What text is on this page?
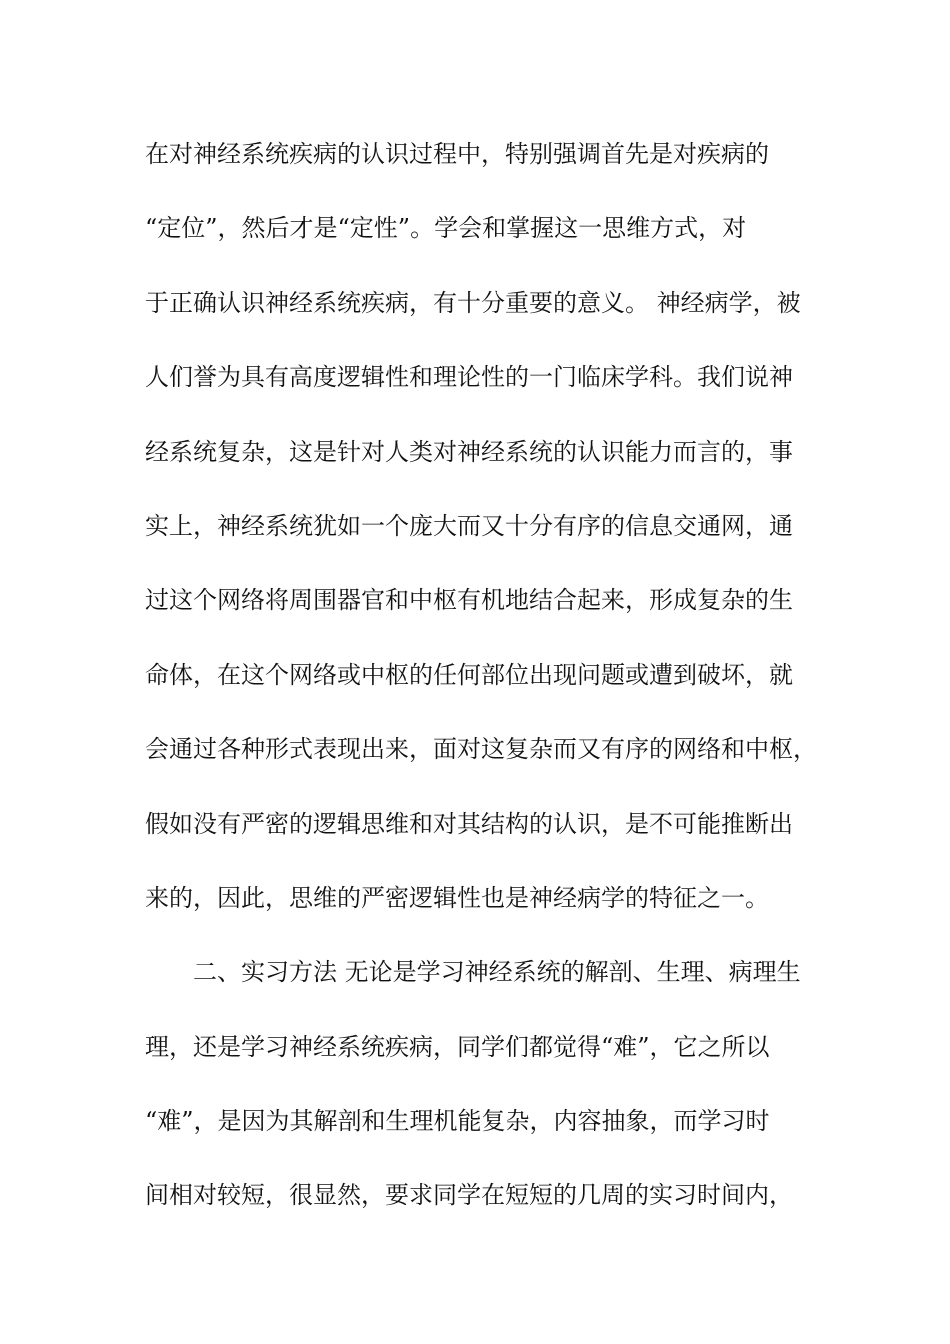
在对神经系统疾病的认识过程中，特别强调首先是对疾病的
“定位”，然后才是“定性”。学会和掌握这一思维方式，对
于正确认识神经系统疾病，有十分重要的意义。 神经病学，被
人们誉为具有高度逻辑性和理论性的一门临床学科。我们说神
经系统复杂，这是针对人类对神经系统的认识能力而言的，事
实上，神经系统犹如一个庞大而又十分有序的信息交通网，通
过这个网络将周围器官和中枢有机地结合起来，形成复杂的生
命体，在这个网络或中枢的任何部位出现问题或遭到破坏，就
会通过各种形式表现出来，面对这复杂而又有序的网络和中枢，
假如没有严密的逻辑思维和对其结构的认识，是不可能推断出
来的，因此，思维的严密逻辑性也是神经病学的特征之一。
二、实习方法 无论是学习神经系统的解剖、生理、病理生
理，还是学习神经系统疾病，同学们都觉得“难”，它之所以
“难”，是因为其解剖和生理机能复杂，内容抽象，而学习时
间相对较短，很显然，要求同学在短短的几周的实习时间内，
